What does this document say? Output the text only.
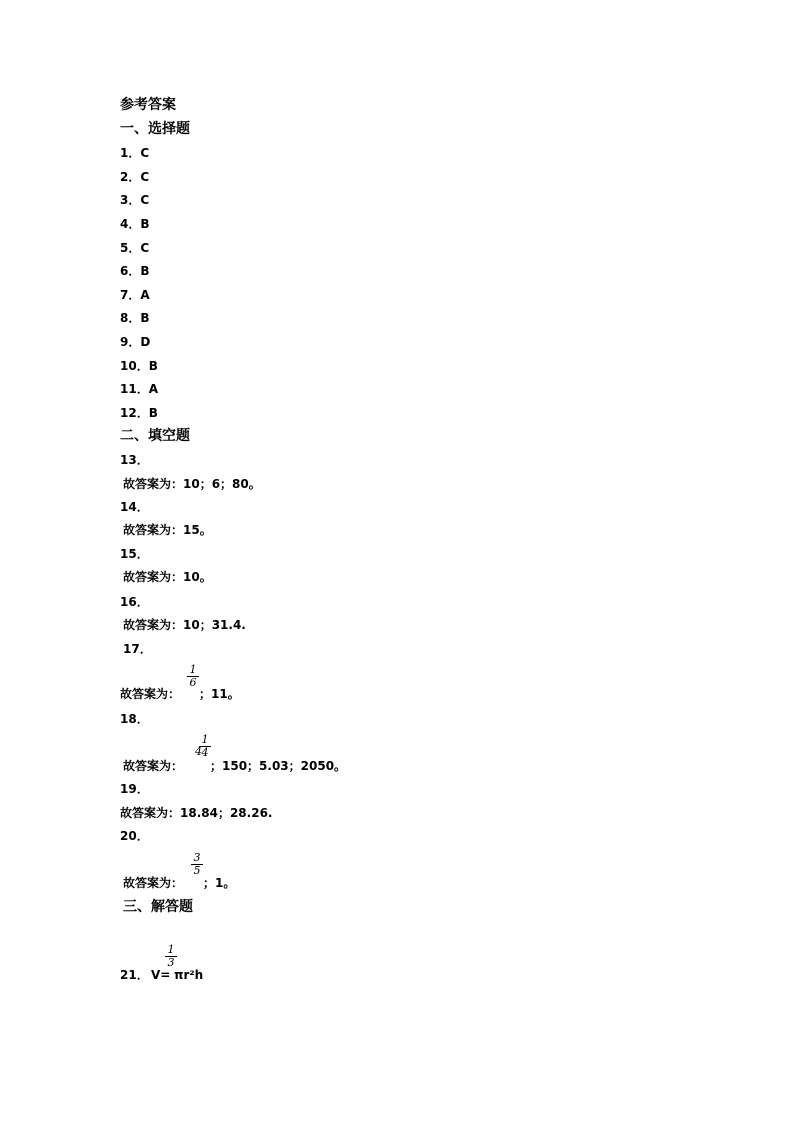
参考答案
一、选择题
1．C
2．C
3．C
4．B
5．C
6．B
7．A
8．B
9．D
10．B
11．A
12．B
二、填空题
13．
故答案为：10；6；80。
14．
故答案为：15。
15．
故答案为：10。
16．
故答案为：10；31.4.
17．
故答案为：
1
6
；11。
18．
故答案为：
4
1
4
；150；5.03；2050。
19．
故答案为：18.84；28.26.
20．
故答案为：
3
5
；1。
三、解答题
21． V=
1
3
πr²h
